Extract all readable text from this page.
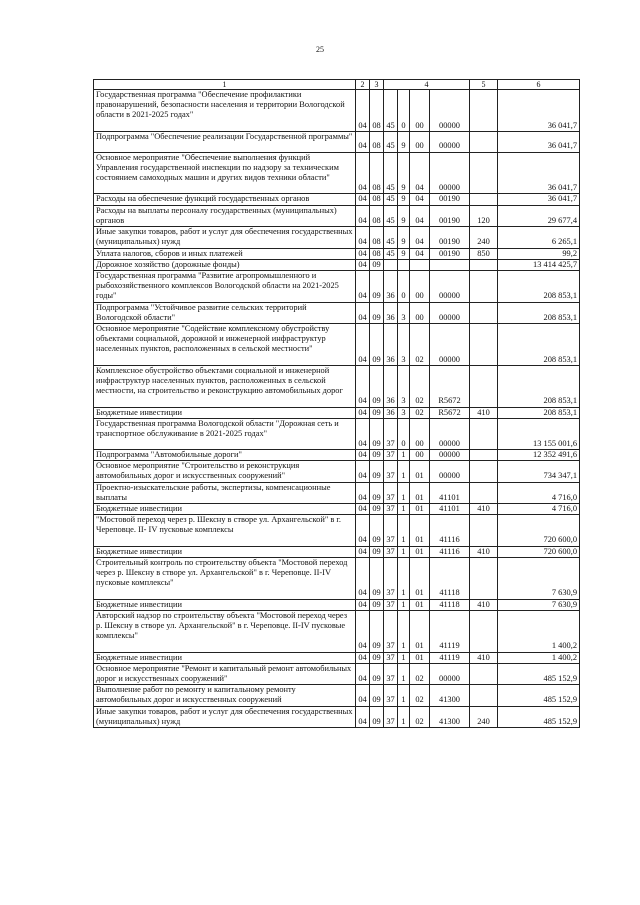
25
1	2	3	4				5	6
Государственная программа "Обеспечение профилактики правонарушений, безопасности населения и территории Вологодской области в 2021-2025 годах"	04	08	45	0	00	00000		36 041,7
Подпрограмма "Обеспечение реализации Государственной программы"	04	08	45	9	00	00000		36 041,7
Основное мероприятие "Обеспечение выполнения функций Управления государственной инспекции по надзору за техническим состоянием самоходных машин и других видов техники области"	04	08	45	9	04	00000		36 041,7
Расходы на обеспечение функций государственных органов	04	08	45	9	04	00190		36 041,7
Расходы на выплаты персоналу государственных (муниципальных) органов	04	08	45	9	04	00190	120	29 677,4
Иные закупки товаров, работ и услуг для обеспечения государственных (муниципальных) нужд	04	08	45	9	04	00190	240	6 265,1
Уплата налогов, сборов и иных платежей	04	08	45	9	04	00190	850	99,2
Дорожное хозяйство (дорожные фонды)	04	09						13 414 425,7
Государственная программа "Развитие агропромышленного и рыбохозяйственного комплексов Вологодской области на 2021-2025 годы"	04	09	36	0	00	00000		208 853,1
Подпрограмма "Устойчивое развитие сельских территорий Вологодской области"	04	09	36	3	00	00000		208 853,1
Основное мероприятие "Содействие комплексному обустройству объектами социальной, дорожной и инженерной инфраструктур населенных пунктов, расположенных в сельской местности"	04	09	36	3	02	00000		208 853,1
Комплексное обустройство объектами социальной и инженерной инфраструктур населенных пунктов, расположенных в сельской местности, на строительство и реконструкцию автомобильных дорог	04	09	36	3	02	R5672		208 853,1
Бюджетные инвестиции	04	09	36	3	02	R5672	410	208 853,1
Государственная программа Вологодской области "Дорожная сеть и транспортное обслуживание в 2021-2025 годах"	04	09	37	0	00	00000		13 155 001,6
Подпрограмма "Автомобильные дороги"	04	09	37	1	00	00000		12 352 491,6
Основное мероприятие "Строительство и реконструкция автомобильных дорог и искусственных сооружений"	04	09	37	1	01	00000		734 347,1
Проектно-изыскательские работы, экспертизы, компенсационные выплаты	04	09	37	1	01	41101		4 716,0
Бюджетные инвестиции	04	09	37	1	01	41101	410	4 716,0
"Мостовой переход через р. Шексну в створе ул. Архангельской" в г. Череповце. II- IV пусковые комплексы	04	09	37	1	01	41116		720 600,0
Бюджетные инвестиции	04	09	37	1	01	41116	410	720 600,0
Строительный контроль по строительству объекта "Мостовой переход через р. Шексну в створе ул. Архангельской" в г. Череповце. II-IV пусковые комплексы"	04	09	37	1	01	41118		7 630,9
Бюджетные инвестиции	04	09	37	1	01	41118	410	7 630,9
Авторский надзор по строительству объекта "Мостовой переход через р. Шексну в створе ул. Архангельской" в г. Череповце. II-IV пусковые комплексы"	04	09	37	1	01	41119		1 400,2
Бюджетные инвестиции	04	09	37	1	01	41119	410	1 400,2
Основное мероприятие "Ремонт и капитальный ремонт автомобильных дорог и искусственных сооружений"	04	09	37	1	02	00000		485 152,9
Выполнение работ по ремонту и капитальному ремонту автомобильных дорог и искусственных сооружений	04	09	37	1	02	41300		485 152,9
Иные закупки товаров, работ и услуг для обеспечения государственных (муниципальных) нужд	04	09	37	1	02	41300	240	485 152,9
